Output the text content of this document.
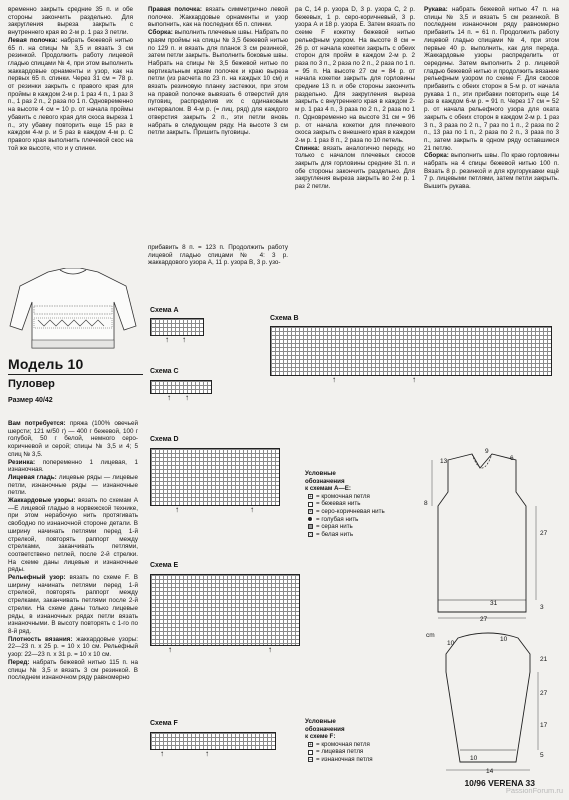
временно закрыть средние 35 п. и обе стороны закончить раздельно. Для закругления выреза закрыть с внутреннего края во 2-м р. 1 раз 3 петли.

Левая полочка: набрать бежевой нитью 65 п. на спицы № 3,5 и вязать 3 см резинкой. Продолжить работу лицевой гладью спицами № 4, при этом выполнить жаккардовые орнаменты и узор, как на первых 65 п. спинки. Через 31 см = 78 р. от резинки закрыть с правого края для проймы в каждом 2-м р. 1 раз 4 п., 1 раз 3 п., 1 раз 2 п., 2 раза по 1 п. Одновременно на высоте 4 см = 10 р. от начала проймы убавить с левого края для скоса выреза 1 п., эту убавку повторить еще 15 раз в каждом 4-м р. и 5 раз в каждом 4-м р. С правого края выполнить плечевой скос на той же высоте, что и у спинки.

Правая полочка: вязать симметрично левой полочке. Жаккардовые орнаменты и узор выполнить, как на последних 65 п. спинки.

Сборка: выполнить плечевые швы. Набрать по краям проймы на спицы № 3,5 бежевой нитью по 129 п. и вязать для планок 3 см резинкой, затем петли закрыть. Выполнить боковые швы. Набрать на спицы № 3,5 бежевой нитью по вертикальным краям полочек и краю выреза петли (из расчета по 23 п. на каждых 10 см) и вязать резиновую планку застежки, при этом на правой полочке вывязать 6 отверстий для пуговиц, распределив их с одинаковым интервалом. В 4-м р. (= лиц. ряд) для каждого отверстия закрыть 2 п., эти петли вновь набрать в следующем ряду. На высоте 3 см петли закрыть. Пришить пуговицы.

прибавить 8 п. = 123 п. Продолжить работу лицевой гладью спицами № 4: 3 р. жаккардового узора А, 11 р. узора В, 3 р. узо-

ра С, 14 р. узора D, 3 р. узора С, 2 р. бежевых, 1 р. серо-коричневый, 3 р. узора А и 18 р. узора Е. Затем вязать по схеме F кокетку бежевой нитью рельефным узором. На высоте 8 см = 26 р. от начала кокетки закрыть с обеих сторон для пройм в каждом 2-м р. 2 раза по 3 п., 2 раза по 2 п., 2 раза по 1 п. = 95 п. На высоте 27 см = 84 р. от начала кокетки закрыть для горловины средние 13 п. и обе стороны закончить раздельно. Для закругления выреза закрыть с внутреннего края в каждом 2-м р. 1 раз 4 п., 3 раза по 2 п., 2 раза по 1 п. Одновременно на высоте 31 см = 96 р. от начала кокетки для плечевого скоса закрыть с внешнего края в каждом 2-м р. 1 раз 8 п., 2 раза по 10 петель.

Спинка: вязать аналогично переду, но только с началом плечевых скосов закрыть для горловины средние 31 п. и обе стороны закончить раздельно. Для закругления выреза закрыть во 2-м р. 1 раз 2 петли.

Рукава: набрать бежевой нитью 47 п. на спицы № 3,5 и вязать 5 см резинкой. В последнем изнаночном ряду равномерно прибавить 14 п. = 61 п. Продолжить работу лицевой гладью спицами № 4, при этом первые 40 р. выполнить, как для переда. Жаккардовые узоры распределить от середины. Затем выполнить 2 р. лицевой гладью бежевой нитью и продолжить вязание рельефным узором по схеме F. Для скосов прибавить с обеих сторон в 5-м р. от начала рукава 1 п., эти прибавки повторить еще 14 раз в каждом 6-м р. = 91 п. Через 17 см = 52 р. от начала рельефного узора для оката закрыть с обеих сторон в каждом 2-м р. 1 раз 3 п., 3 раза по 2 п., 7 раз по 1 п., 2 раза по 2 п., 13 раз по 1 п., 2 раза по 2 п., 3 раза по 3 п., затем закрыть в одном ряду оставшиеся 21 петлю.

Сборка: выполнить швы. По краю горловины набрать на 4 спицы бежевой нитью 100 п. Вязать 8 р. резинкой и для кругорукавки ещё 7 р. лицевыми петлями, затем петли закрыть. Вышить рукава.

Модель 10
Пуловер
Размер 40/42

Вам потребуется: пряжа (100% овечьей шерсти; 121 м/50 г) — 400 г бежевой, 100 г голубой, 50 г белой, немного серо-коричневой и серой; спицы № 3,5 и 4; 5 спиц № 3,5.

Резинка: попеременно 1 лицевая, 1 изнаночная.

Лицевая гладь: лицевые ряды — лицевые петли, изнаночные ряды — изнаночные петли.

Жаккардовые узоры: вязать по схемам А—Е лицевой гладью в норвежской технике, при этом нерабочую нить протягивать свободно по изнаночной стороне детали. В ширину начинать петлями перед 1-й стрелкой, повторять раппорт между стрелками, заканчивать петлями, соответствено петлей, после 2-й стрелки. На схеме даны лицевые и изнаночные ряды.

Рельефный узор: вязать по схеме F. В ширину начинать петлями перед 1-й стрелкой, повторять раппорт между стрелками, заканчивать петлями после 2-й стрелки. На схеме даны только лицевые ряды, в изнаночных рядах петли вязать изнаночными. В высоту повторять с 1-го по 8-й ряд.

Плотность вязания: жаккардовые узоры: 22—23 п. х 25 р. = 10 х 10 см. Рельефный узор: 22—23 п. х 31 р. = 10 х 10 см.

Перед: набрать бежевой нитью 115 п. на спицы № 3,5 и вязать 3 см резинкой. В последнем изнаночном ряду равномерно

Схема А
↑ ↑
Схема В
↑	↑
Схема С
↑ ↑
Схема D
↑	↑
Схема Е
↑	↑
Схема F
↑	↑
Условные
обозначения
к схемам А—Е:
+ = кромочная петля
= бежевая нить
× = серо-коричневая нить
= голубая нить
= серая нить
○ = белая нить
Условные
обозначения
к схеме F:
+ = кромочная петля
= лицевая петля
– = изнаночная петля
13
9
6
8
27
31
27
3
cm
10
10
21
27
17
5
14
10
10/96 VERENA 33
PassionForum.ru
